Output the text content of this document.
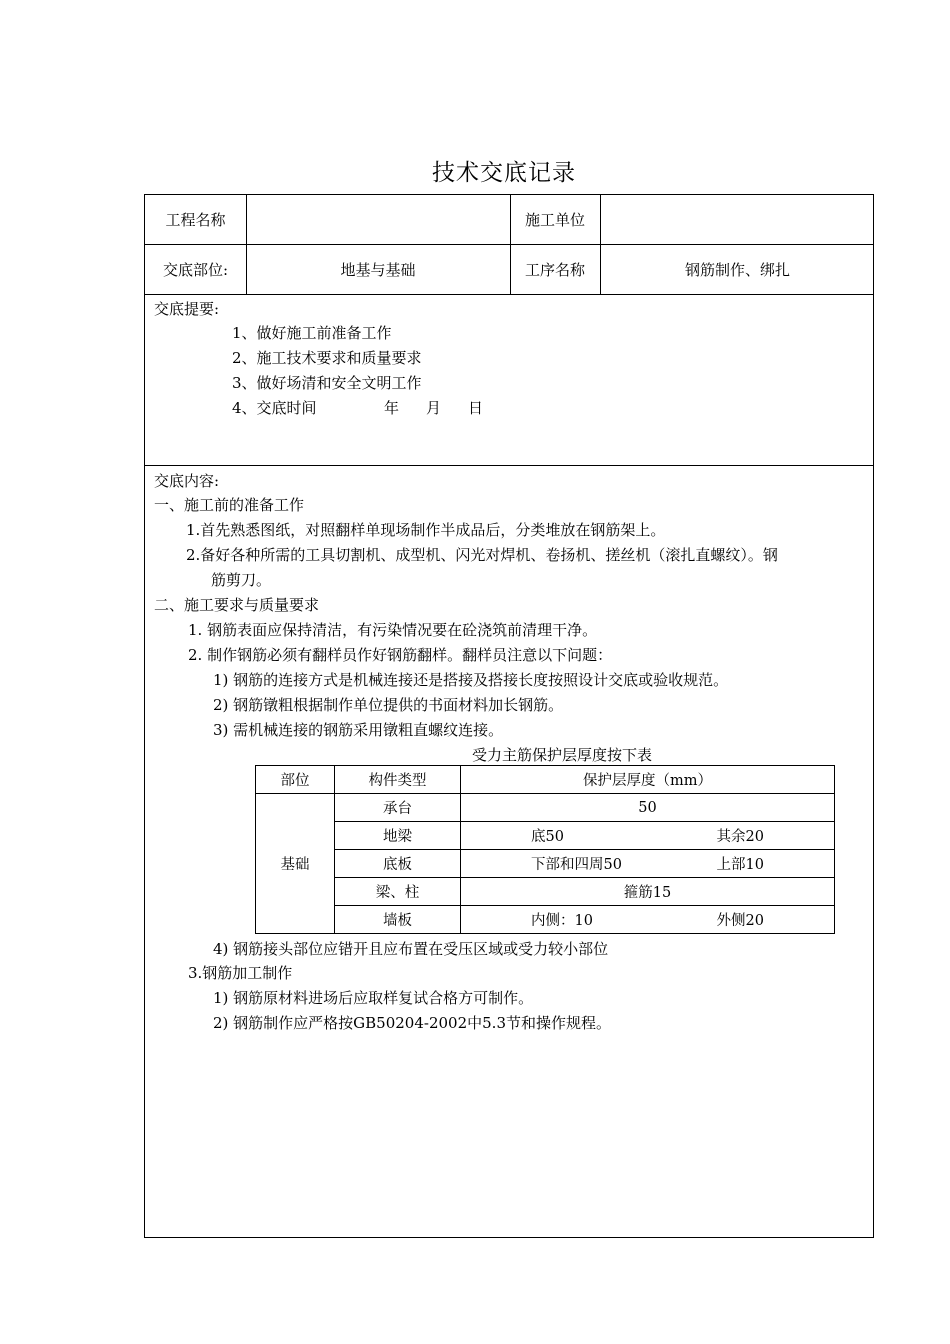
技术交底记录
工程名称	施工单位
交底部位:	地基与基础	工序名称	钢筋制作、绑扎
交底提要:
1、做好施工前准备工作
2、施工技术要求和质量要求
3、做好场清和安全文明工作
4、交底时间	年 月 日
交底内容:
一、施工前的准备工作
1.首先熟悉图纸，对照翻样单现场制作半成品后，分类堆放在钢筋架上。
2.备好各种所需的工具切割机、成型机、闪光对焊机、卷扬机、搓丝机（滚扎直螺纹）。钢
筋剪刀。
二、施工要求与质量要求
1. 钢筋表面应保持清洁，有污染情况要在砼浇筑前清理干净。
2. 制作钢筋必须有翻样员作好钢筋翻样。翻样员注意以下问题：
1) 钢筋的连接方式是机械连接还是搭接及搭接长度按照设计交底或验收规范。
2) 钢筋镦粗根据制作单位提供的书面材料加长钢筋。
3) 需机械连接的钢筋采用镦粗直螺纹连接。
受力主筋保护层厚度按下表
部位	构件类型	保护层厚度（mm）
基础	承台	50
	地梁	底50 其余20

	底板	下部和四周50 上部10

	梁、柱	箍筋15
	墙板	内侧：10 外侧20
4) 钢筋接头部位应错开且应布置在受压区域或受力较小部位
3.钢筋加工制作
1) 钢筋原材料进场后应取样复试合格方可制作。
2) 钢筋制作应严格按GB50204-2002中5.3节和操作规程。
